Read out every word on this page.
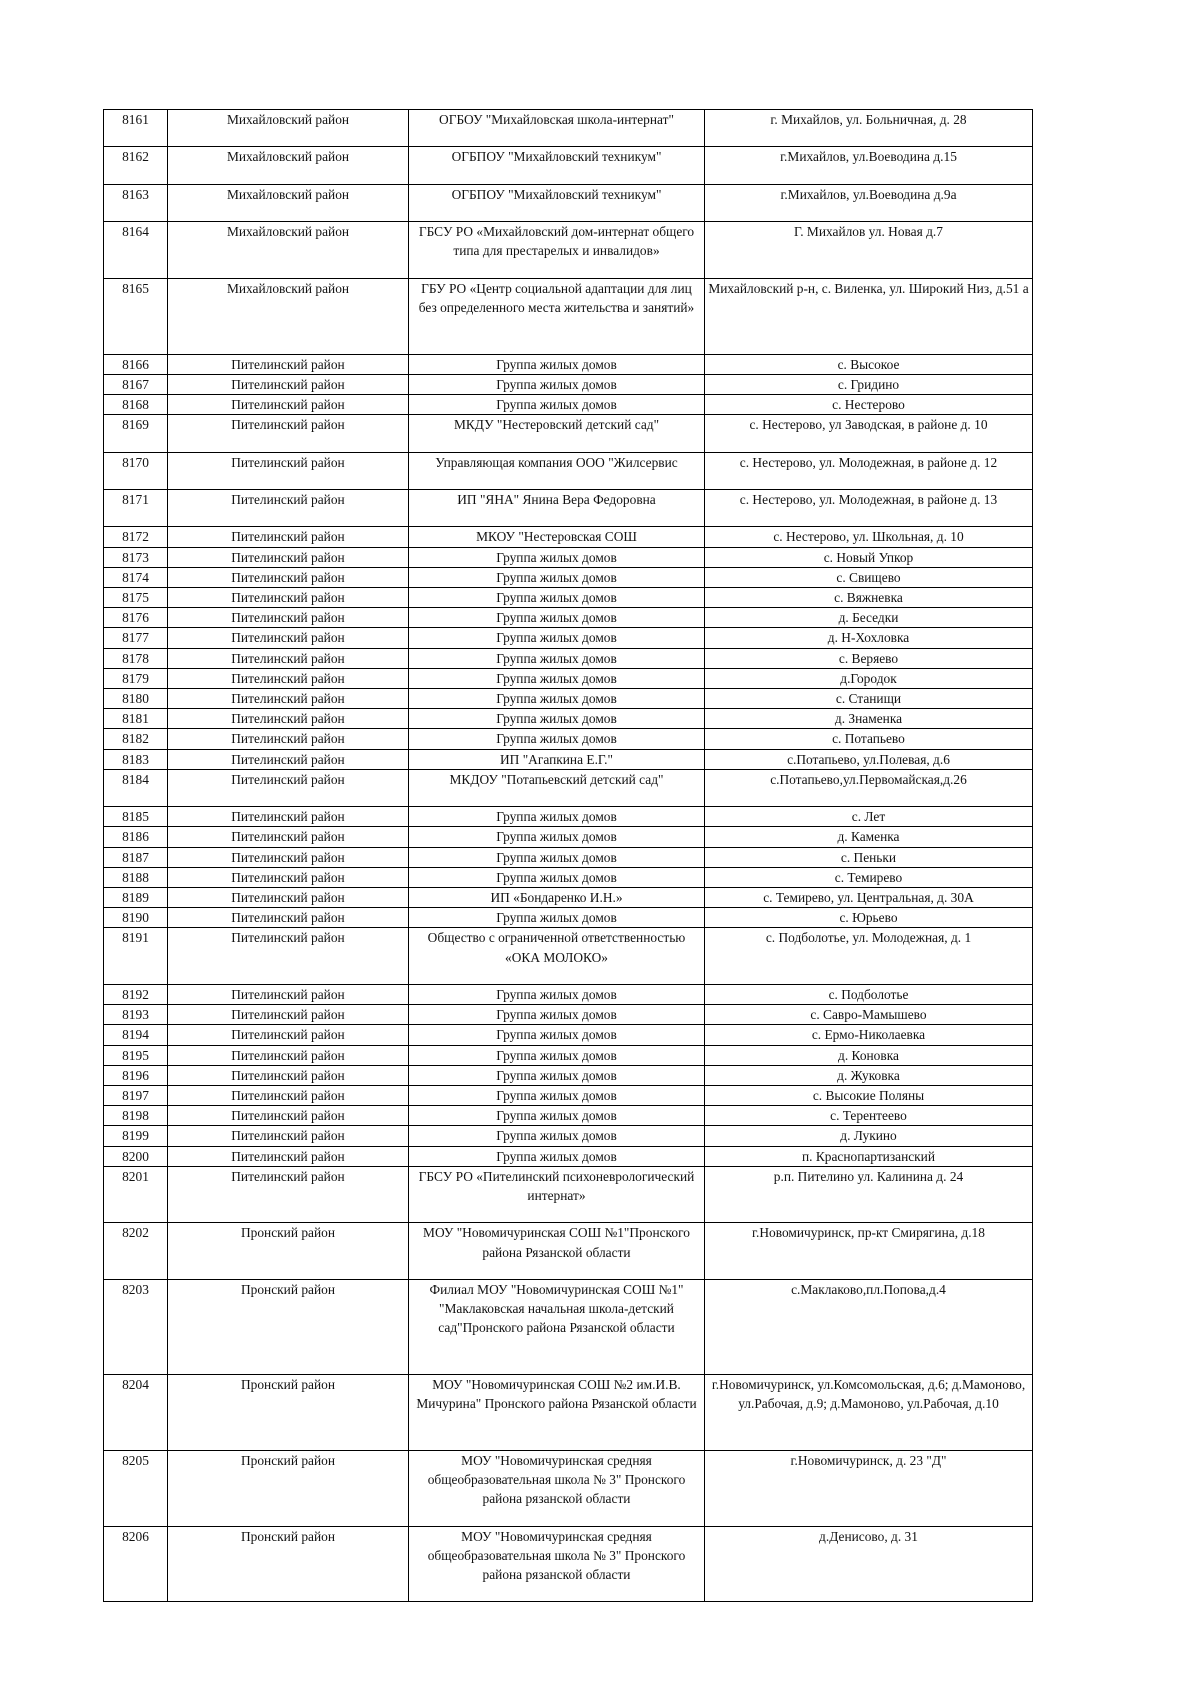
8161	Михайловский район	ОГБОУ "Михайловская школа-интернат"	г. Михайлов, ул. Больничная, д. 28
8162	Михайловский район	ОГБПОУ "Михайловский техникум"	г.Михайлов, ул.Воеводина д.15
8163	Михайловский район	ОГБПОУ "Михайловский техникум"	г.Михайлов, ул.Воеводина д.9а
8164	Михайловский район	ГБСУ РО «Михайловский дом-интернат общего типа для престарелых и инвалидов»	Г. Михайлов ул. Новая д.7
8165	Михайловский район	ГБУ РО «Центр социальной адаптации для лиц без определенного места жительства и занятий»	Михайловский р-н, с. Виленка, ул. Широкий Низ, д.51 а
8166	Пителинский район	Группа жилых домов	с. Высокое
8167	Пителинский район	Группа жилых домов	с. Гридино
8168	Пителинский район	Группа жилых домов	с. Нестерово
8169	Пителинский район	МКДУ "Нестеровский детский сад"	с. Нестерово, ул Заводская, в районе д. 10
8170	Пителинский район	Управляющая компания ООО "Жилсервис	с. Нестерово, ул. Молодежная, в районе д. 12
8171	Пителинский район	ИП "ЯНА" Янина Вера Федоровна	с. Нестерово, ул. Молодежная, в районе д. 13
8172	Пителинский район	МКОУ "Нестеровская СОШ	с. Нестерово, ул. Школьная, д. 10
8173	Пителинский район	Группа жилых домов	с. Новый Упкор
8174	Пителинский район	Группа жилых домов	с. Свищево
8175	Пителинский район	Группа жилых домов	с. Вяжневка
8176	Пителинский район	Группа жилых домов	д. Беседки
8177	Пителинский район	Группа жилых домов	д. Н-Хохловка
8178	Пителинский район	Группа жилых домов	с. Веряево
8179	Пителинский район	Группа жилых домов	д.Городок
8180	Пителинский район	Группа жилых домов	с. Станищи
8181	Пителинский район	Группа жилых домов	д. Знаменка
8182	Пителинский район	Группа жилых домов	с. Потапьево
8183	Пителинский район	ИП "Агапкина Е.Г."	с.Потапьево, ул.Полевая, д.6
8184	Пителинский район	МКДОУ "Потапьевский детский сад"	с.Потапьево,ул.Первомайская,д.26
8185	Пителинский район	Группа жилых домов	с. Лет
8186	Пителинский район	Группа жилых домов	д. Каменка
8187	Пителинский район	Группа жилых домов	с. Пеньки
8188	Пителинский район	Группа жилых домов	с. Темирево
8189	Пителинский район	ИП «Бондаренко И.Н.»	с. Темирево, ул. Центральная, д. 30А
8190	Пителинский район	Группа жилых домов	с. Юрьево
8191	Пителинский район	Общество с ограниченной ответственностью «ОКА МОЛОКО»	с. Подболотье, ул. Молодежная, д. 1
8192	Пителинский район	Группа жилых домов	с. Подболотье
8193	Пителинский район	Группа жилых домов	с. Савро-Мамышево
8194	Пителинский район	Группа жилых домов	с. Ермо-Николаевка
8195	Пителинский район	Группа жилых домов	д. Коновка
8196	Пителинский район	Группа жилых домов	д. Жуковка
8197	Пителинский район	Группа жилых домов	с. Высокие Поляны
8198	Пителинский район	Группа жилых домов	с. Терентеево
8199	Пителинский район	Группа жилых домов	д. Лукино
8200	Пителинский район	Группа жилых домов	п. Краснопартизанский
8201	Пителинский район	ГБСУ РО «Пителинский психоневрологический интернат»	р.п. Пителино ул. Калинина д. 24
8202	Пронский район	МОУ "Новомичуринская СОШ №1"Пронского района Рязанской области	г.Новомичуринск, пр-кт Смирягина, д.18
8203	Пронский район	Филиал МОУ "Новомичуринская СОШ №1" "Маклаковская начальная школа-детский сад"Пронского района Рязанской области	с.Маклаково,пл.Попова,д.4
8204	Пронский район	МОУ "Новомичуринская СОШ №2 им.И.В. Мичурина" Пронского района Рязанской области	г.Новомичуринск, ул.Комсомольская, д.6; д.Мамоново, ул.Рабочая, д.9; д.Мамоново, ул.Рабочая, д.10
8205	Пронский район	МОУ "Новомичуринская средняя общеобразовательная школа № 3" Пронского района рязанской области	г.Новомичуринск, д. 23 "Д"
8206	Пронский район	МОУ "Новомичуринская средняя общеобразовательная школа № 3" Пронского района рязанской области	д.Денисово, д. 31
